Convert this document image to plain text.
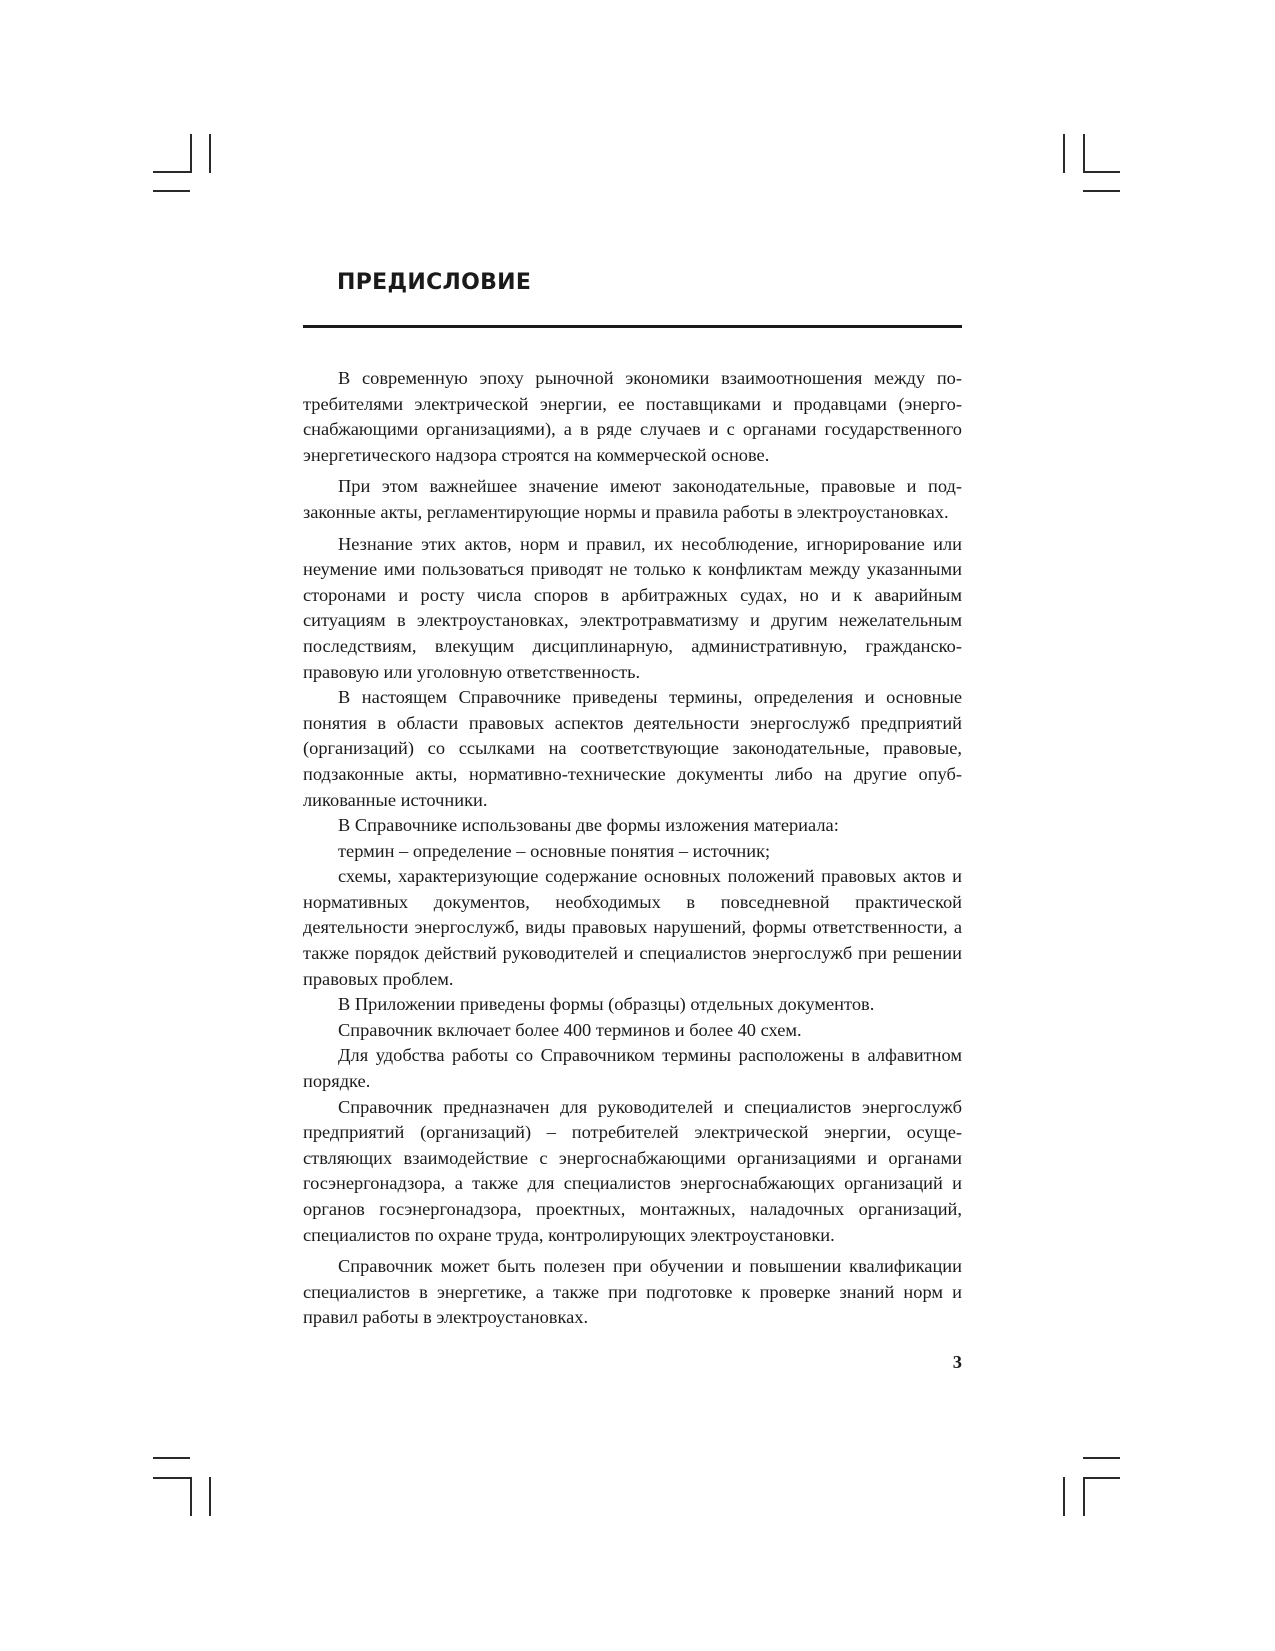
ПРЕДИСЛОВИЕ

В современную эпоху рыночной экономики взаимоотношения между потребителями электрической энергии, ее поставщиками и продавцами (энергоснабжающими организациями), а в ряде случаев и с органами государственного энергетического надзора строятся на коммерческой основе.

При этом важнейшее значение имеют законодательные, правовые и подзаконные акты, регламентирующие нормы и правила работы в электроустановках.

Незнание этих актов, норм и правил, их несоблюдение, игнорирование или неумение ими пользоваться приводят не только к конфликтам между указанными сторонами и росту числа споров в арбитражных судах, но и к аварийным ситуациям в электроустановках, электротравматизму и другим нежелательным последствиям, влекущим дисциплинарную, административную, гражданско-правовую или уголовную ответственность.

В настоящем Справочнике приведены термины, определения и основные понятия в области правовых аспектов деятельности энергослужб предприятий (организаций) со ссылками на соответствующие законодательные, правовые, подзаконные акты, нормативно-технические документы либо на другие опубликованные источники.

В Справочнике использованы две формы изложения материала:

термин – определение – основные понятия – источник;

схемы, характеризующие содержание основных положений правовых актов и нормативных документов, необходимых в повседневной практической деятельности энергослужб, виды правовых нарушений, формы ответственности, а также порядок действий руководителей и специалистов энергослужб при решении правовых проблем.

В Приложении приведены формы (образцы) отдельных документов.

Справочник включает более 400 терминов и более 40 схем.

Для удобства работы со Справочником термины расположены в алфавитном порядке.

Справочник предназначен для руководителей и специалистов энергослужб предприятий (организаций) – потребителей электрической энергии, осуществляющих взаимодействие с энергоснабжающими организациями и органами госэнергонадзора, а также для специалистов энергоснабжающих организаций и органов госэнергонадзора, проектных, монтажных, наладочных организаций, специалистов по охране труда, контролирующих электроустановки.

Справочник может быть полезен при обучении и повышении квалификации специалистов в энергетике, а также при подготовке к проверке знаний норм и правил работы в электроустановках.

3
